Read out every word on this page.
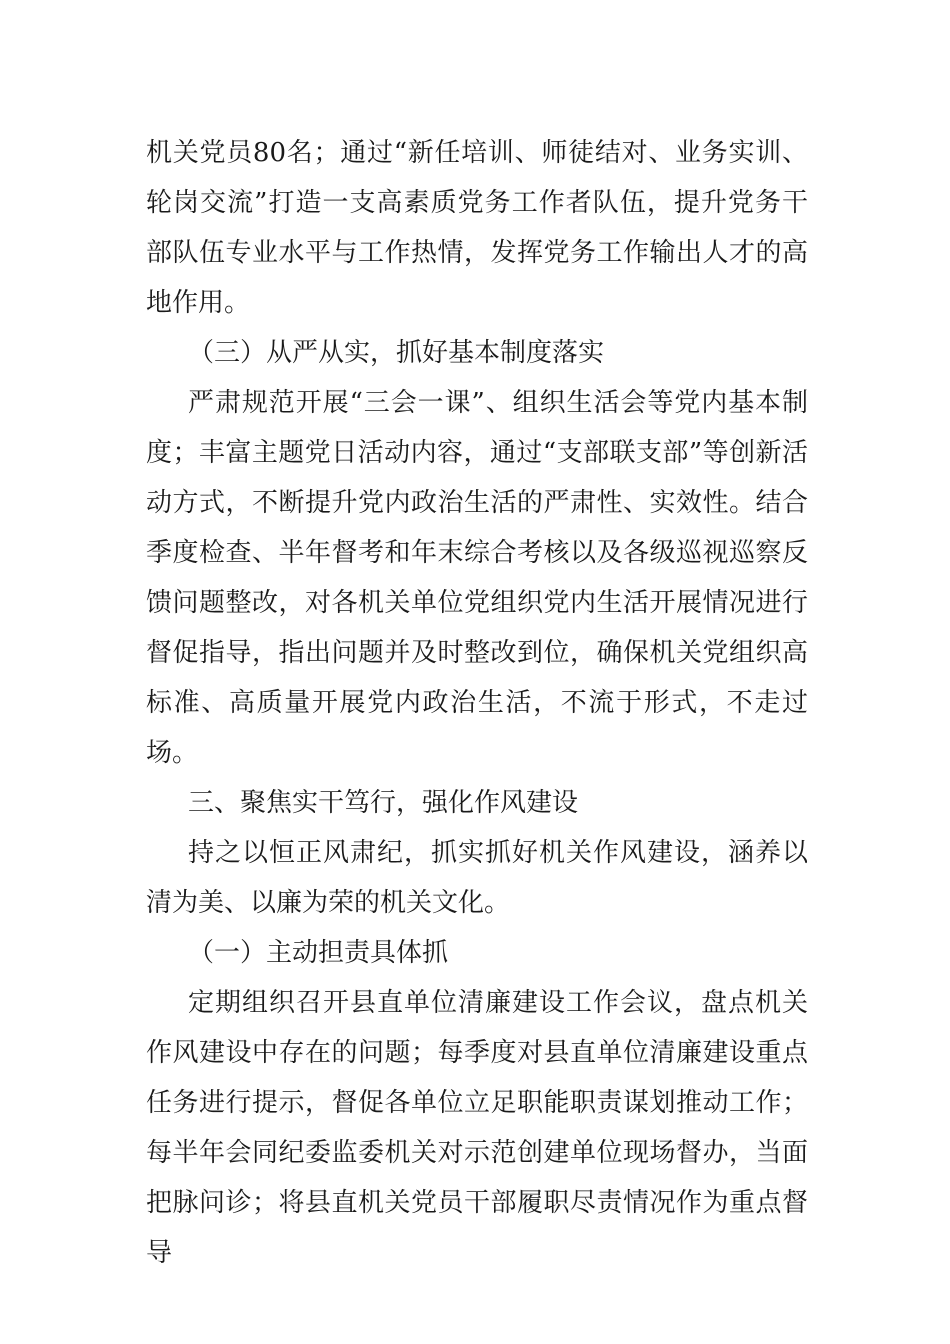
机关党员80名；通过“新任培训、师徒结对、业务实训、轮岗交流”打造一支高素质党务工作者队伍，提升党务干部队伍专业水平与工作热情，发挥党务工作输出人才的高地作用。

（三）从严从实，抓好基本制度落实

严肃规范开展“三会一课”、组织生活会等党内基本制度；丰富主题党日活动内容，通过“支部联支部”等创新活动方式，不断提升党内政治生活的严肃性、实效性。结合季度检查、半年督考和年末综合考核以及各级巡视巡察反馈问题整改，对各机关单位党组织党内生活开展情况进行督促指导，指出问题并及时整改到位，确保机关党组织高标准、高质量开展党内政治生活，不流于形式，不走过场。

三、聚焦实干笃行，强化作风建设

持之以恒正风肃纪，抓实抓好机关作风建设，涵养以清为美、以廉为荣的机关文化。

（一）主动担责具体抓

定期组织召开县直单位清廉建设工作会议，盘点机关作风建设中存在的问题；每季度对县直单位清廉建设重点任务进行提示，督促各单位立足职能职责谋划推动工作；每半年会同纪委监委机关对示范创建单位现场督办，当面把脉问诊；将县直机关党员干部履职尽责情况作为重点督导
